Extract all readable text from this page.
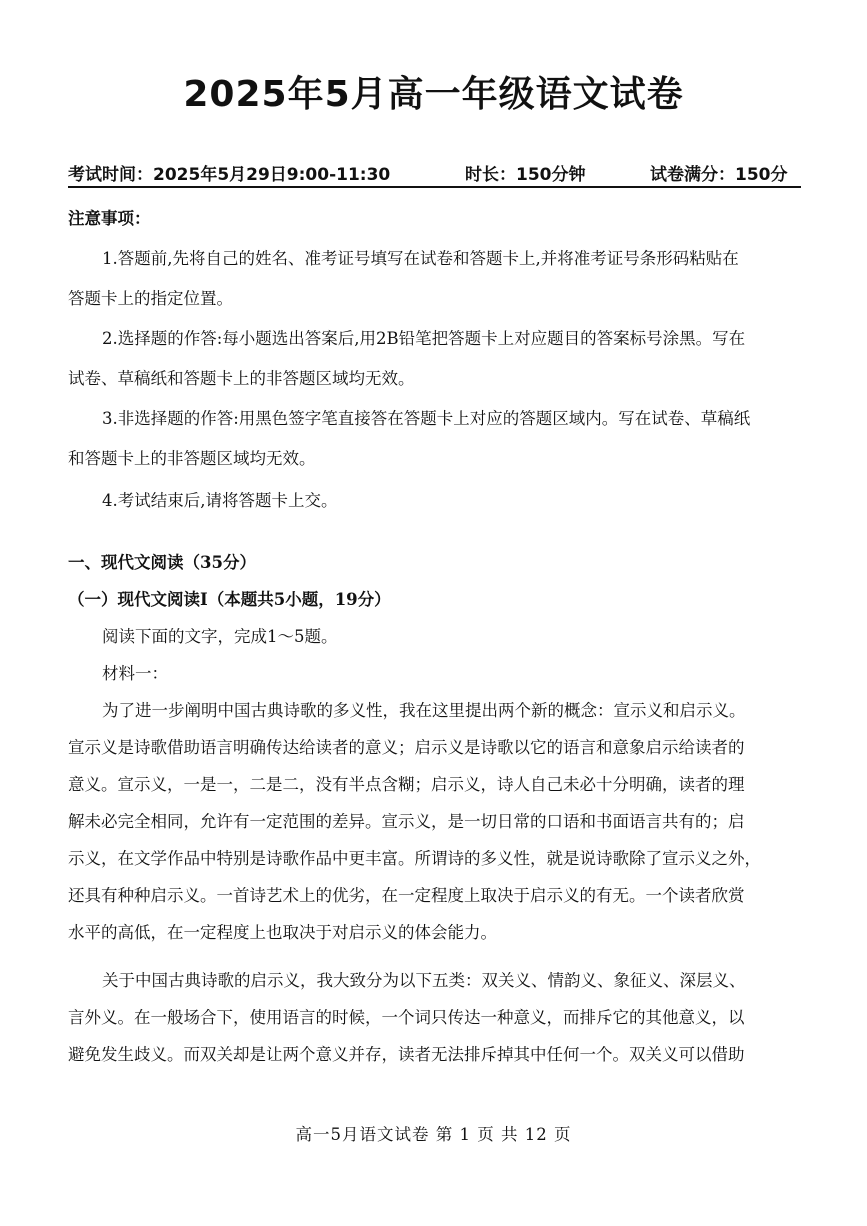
2025年5月高一年级语文试卷
考试时间：2025年5月29日9:00-11:30	时长：150分钟	试卷满分：150分
注意事项：
1.答题前,先将自己的姓名、准考证号填写在试卷和答题卡上,并将准考证号条形码粘贴在
答题卡上的指定位置。
2.选择题的作答:每小题选出答案后,用2B铅笔把答题卡上对应题目的答案标号涂黑。写在
试卷、草稿纸和答题卡上的非答题区域均无效。
3.非选择题的作答:用黑色签字笔直接答在答题卡上对应的答题区域内。写在试卷、草稿纸
和答题卡上的非答题区域均无效。
4.考试结束后,请将答题卡上交。
一、现代文阅读（35分）
（一）现代文阅读Ⅰ（本题共5小题，19分）
阅读下面的文字，完成1～5题。
材料一：
为了进一步阐明中国古典诗歌的多义性，我在这里提出两个新的概念：宣示义和启示义。
宣示义是诗歌借助语言明确传达给读者的意义；启示义是诗歌以它的语言和意象启示给读者的
意义。宣示义，一是一，二是二，没有半点含糊；启示义，诗人自己未必十分明确，读者的理
解未必完全相同，允许有一定范围的差异。宣示义，是一切日常的口语和书面语言共有的；启
示义，在文学作品中特别是诗歌作品中更丰富。所谓诗的多义性，就是说诗歌除了宣示义之外，
还具有种种启示义。一首诗艺术上的优劣，在一定程度上取决于启示义的有无。一个读者欣赏
水平的高低，在一定程度上也取决于对启示义的体会能力。
关于中国古典诗歌的启示义，我大致分为以下五类：双关义、情韵义、象征义、深层义、
言外义。在一般场合下，使用语言的时候，一个词只传达一种意义，而排斥它的其他意义，以
避免发生歧义。而双关却是让两个意义并存，读者无法排斥掉其中任何一个。双关义可以借助
高一5月语文试卷 第 1 页 共 12 页
